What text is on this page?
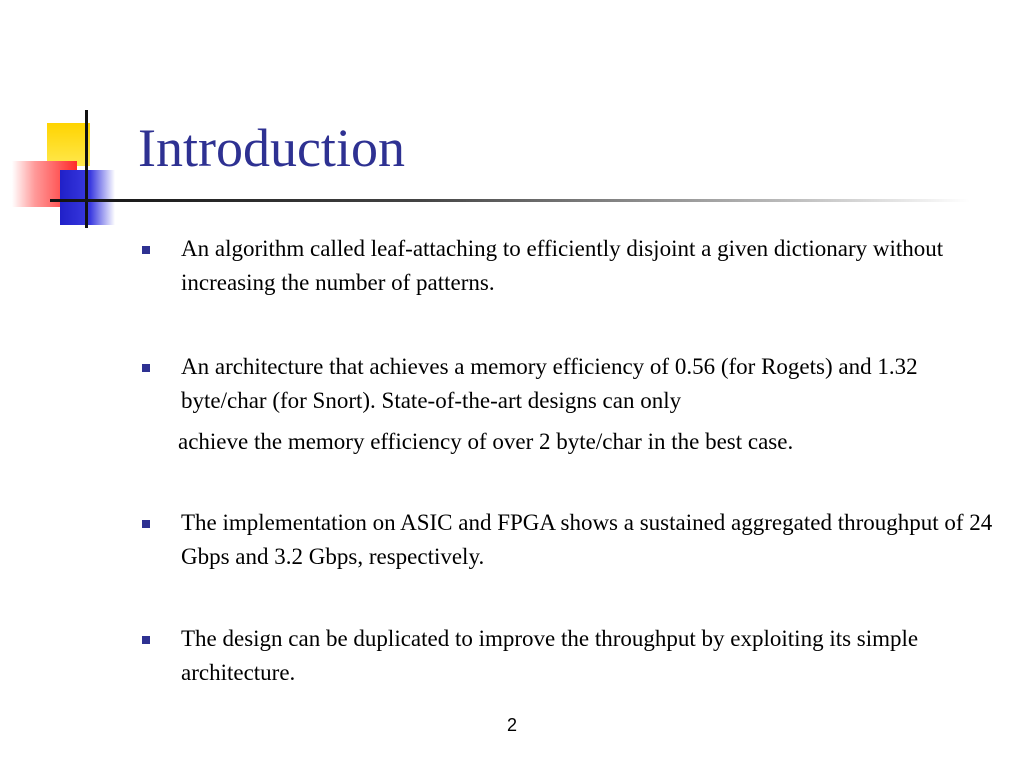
Introduction
An algorithm called leaf-attaching to efficiently disjoint a given dictionary without increasing the number of patterns.
An architecture that achieves a memory efficiency of 0.56 (for Rogets) and 1.32 byte/char (for Snort). State-of-the-art designs can only
The implementation on ASIC and FPGA shows a sustained aggregated throughput of 24 Gbps and 3.2 Gbps, respectively.
The design can be duplicated to improve the throughput by exploiting its simple architecture.
achieve the memory efficiency of over 2 byte/char in the best case.
2
